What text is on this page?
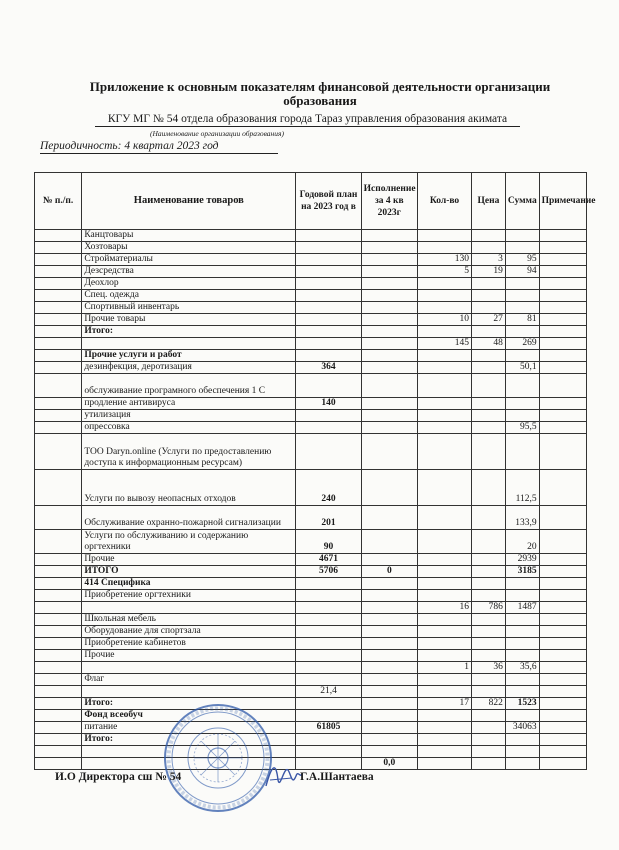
Приложение к основным показателям финансовой деятельности организации образования
КГУ МГ № 54 отдела образования города Тараз управления образования акимата
(Наименование организации образования)
Периодичность: 4 квартал 2023 год
№ п./п.	Наименование товаров	Годовой план на 2023 год в	Исполнение за 4 кв 2023г	Кол-во	Цена	Сумма	Примечание
	Канцтовары						
	Хозтовары						
	Стройматериалы			130	3	95	
	Дезсредства			5	19	94	
	Деохлор						
	Спец. одежда						
	Спортивный инвентарь						
	Прочие товары			10	27	81	
	Итого:						
				145	48	269	
	Прочие услуги и работ						
	дезинфекция, деротизация	364				50,1	
	обслуживание програмного обеспечения 1 С						
	продление антивируса	140					
	утилизация						
	опрессовка					95,5	
	ТОО Daryn.online (Услуги по предоставлению доступа к информационным ресурсам)						
	Услуги по вывозу неопасных отходов	240				112,5	
	Обслуживание охранно-пожарной сигнализации	201				133,9	
	Услуги по обслуживанию и содержанию оргтехники	90				20	
	Прочие	4671				2939	
	ИТОГО	5706	0			3185	
	414 Специфика						
	Приобретение оргтехники						
				16	786	1487	
	Школьная мебель						
	Оборудование для спортзала						
	Приобретение кабинетов						
	Прочие						
				1	36	35,6	
	Флаг						
		21,4					
	Итого:			17	822	1523	
	Фонд всеобуч						
	питание	61805				34063	
	Итого:						

			0,0				
И.О Директора сш № 54	Г.А.Шантаева
